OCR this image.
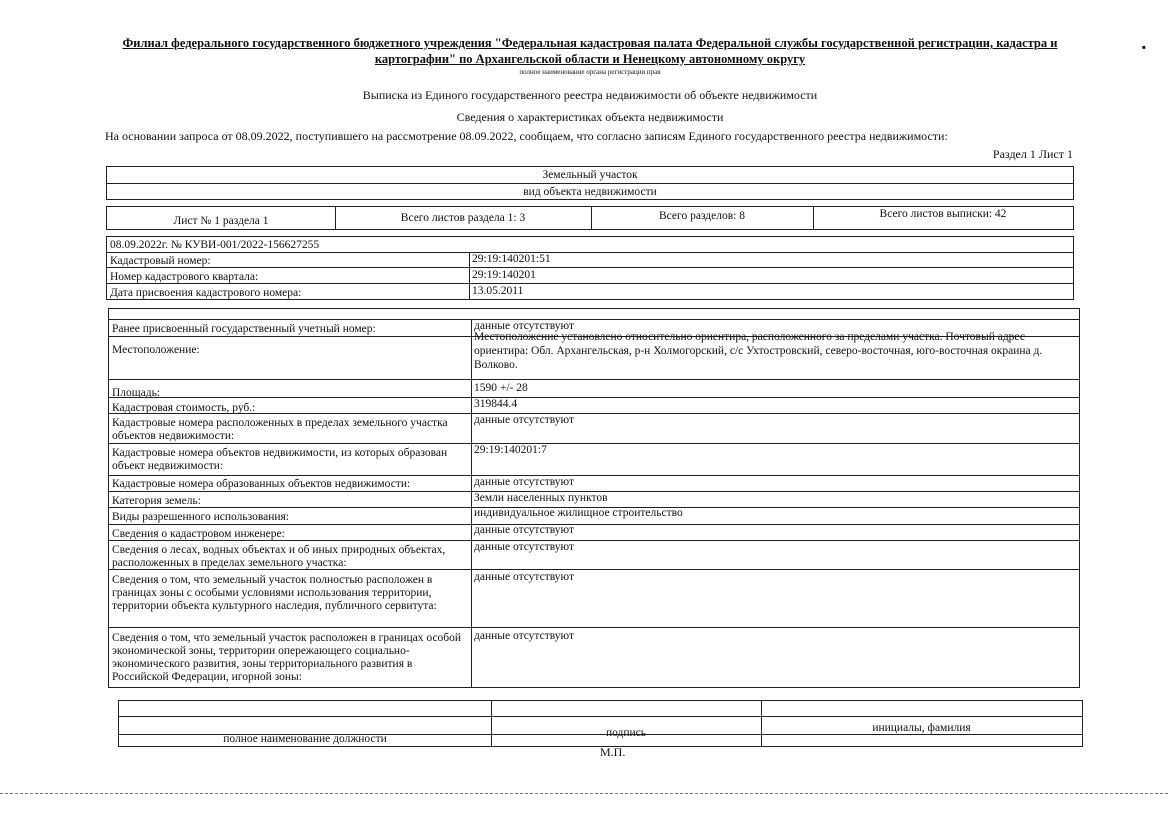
▪
Филиал федерального государственного бюджетного учреждения "Федеральная кадастровая палата Федеральной службы государственной регистрации, кадастра и картографии" по Архангельской области и Ненецкому автономному округу
полное наименование органа регистрации прав
Выписка из Единого государственного реестра недвижимости об объекте недвижимости
Сведения о характеристиках объекта недвижимости
На основании запроса от 08.09.2022, поступившего на рассмотрение 08.09.2022, сообщаем, что согласно записям Единого государственного реестра недвижимости:
Раздел 1 Лист 1
Земельный участок
вид объекта недвижимости
Лист № 1 раздела 1	Всего листов раздела 1: 3	Всего разделов: 8	Всего листов выписки: 42
08.09.2022г. № КУВИ-001/2022-156627255
Кадастровый номер:	29:19:140201:51
Номер кадастрового квартала:	29:19:140201
Дата присвоения кадастрового номера:	13.05.2011
Ранее присвоенный государственный учетный номер:	данные отсутствуют
Местоположение:
Местоположение установлено относительно ориентира, расположенного за пределами участка. Почтовый адрес ориентира: Обл. Архангельская, р-н Холмогорский, с/с Ухтостровский, северо-восточная, юго-восточная окраина д. Волково.
Площадь:	1590 +/- 28
Кадастровая стоимость, руб.:	319844.4
Кадастровые номера расположенных в пределах земельного участка объектов недвижимости:
данные отсутствуют
Кадастровые номера объектов недвижимости, из которых образован объект недвижимости:
29:19:140201:7
Кадастровые номера образованных объектов недвижимости:	данные отсутствуют
Категория земель:	Земли населенных пунктов
Виды разрешенного использования:	индивидуальное жилищное строительство
Сведения о кадастровом инженере:	данные отсутствуют
Сведения о лесах, водных объектах и об иных природных объектах, расположенных в пределах земельного участка:
данные отсутствуют
Сведения о том, что земельный участок полностью расположен в границах зоны с особыми условиями использования территории, территории объекта культурного наследия, публичного сервитута:
данные отсутствуют
Сведения о том, что земельный участок расположен в границах особой экономической зоны, территории опережающего социально-экономического развития, зоны территориального развития в Российской Федерации, игорной зоны:
данные отсутствуют
полное наименование должности	подпись	инициалы, фамилия
М.П.
